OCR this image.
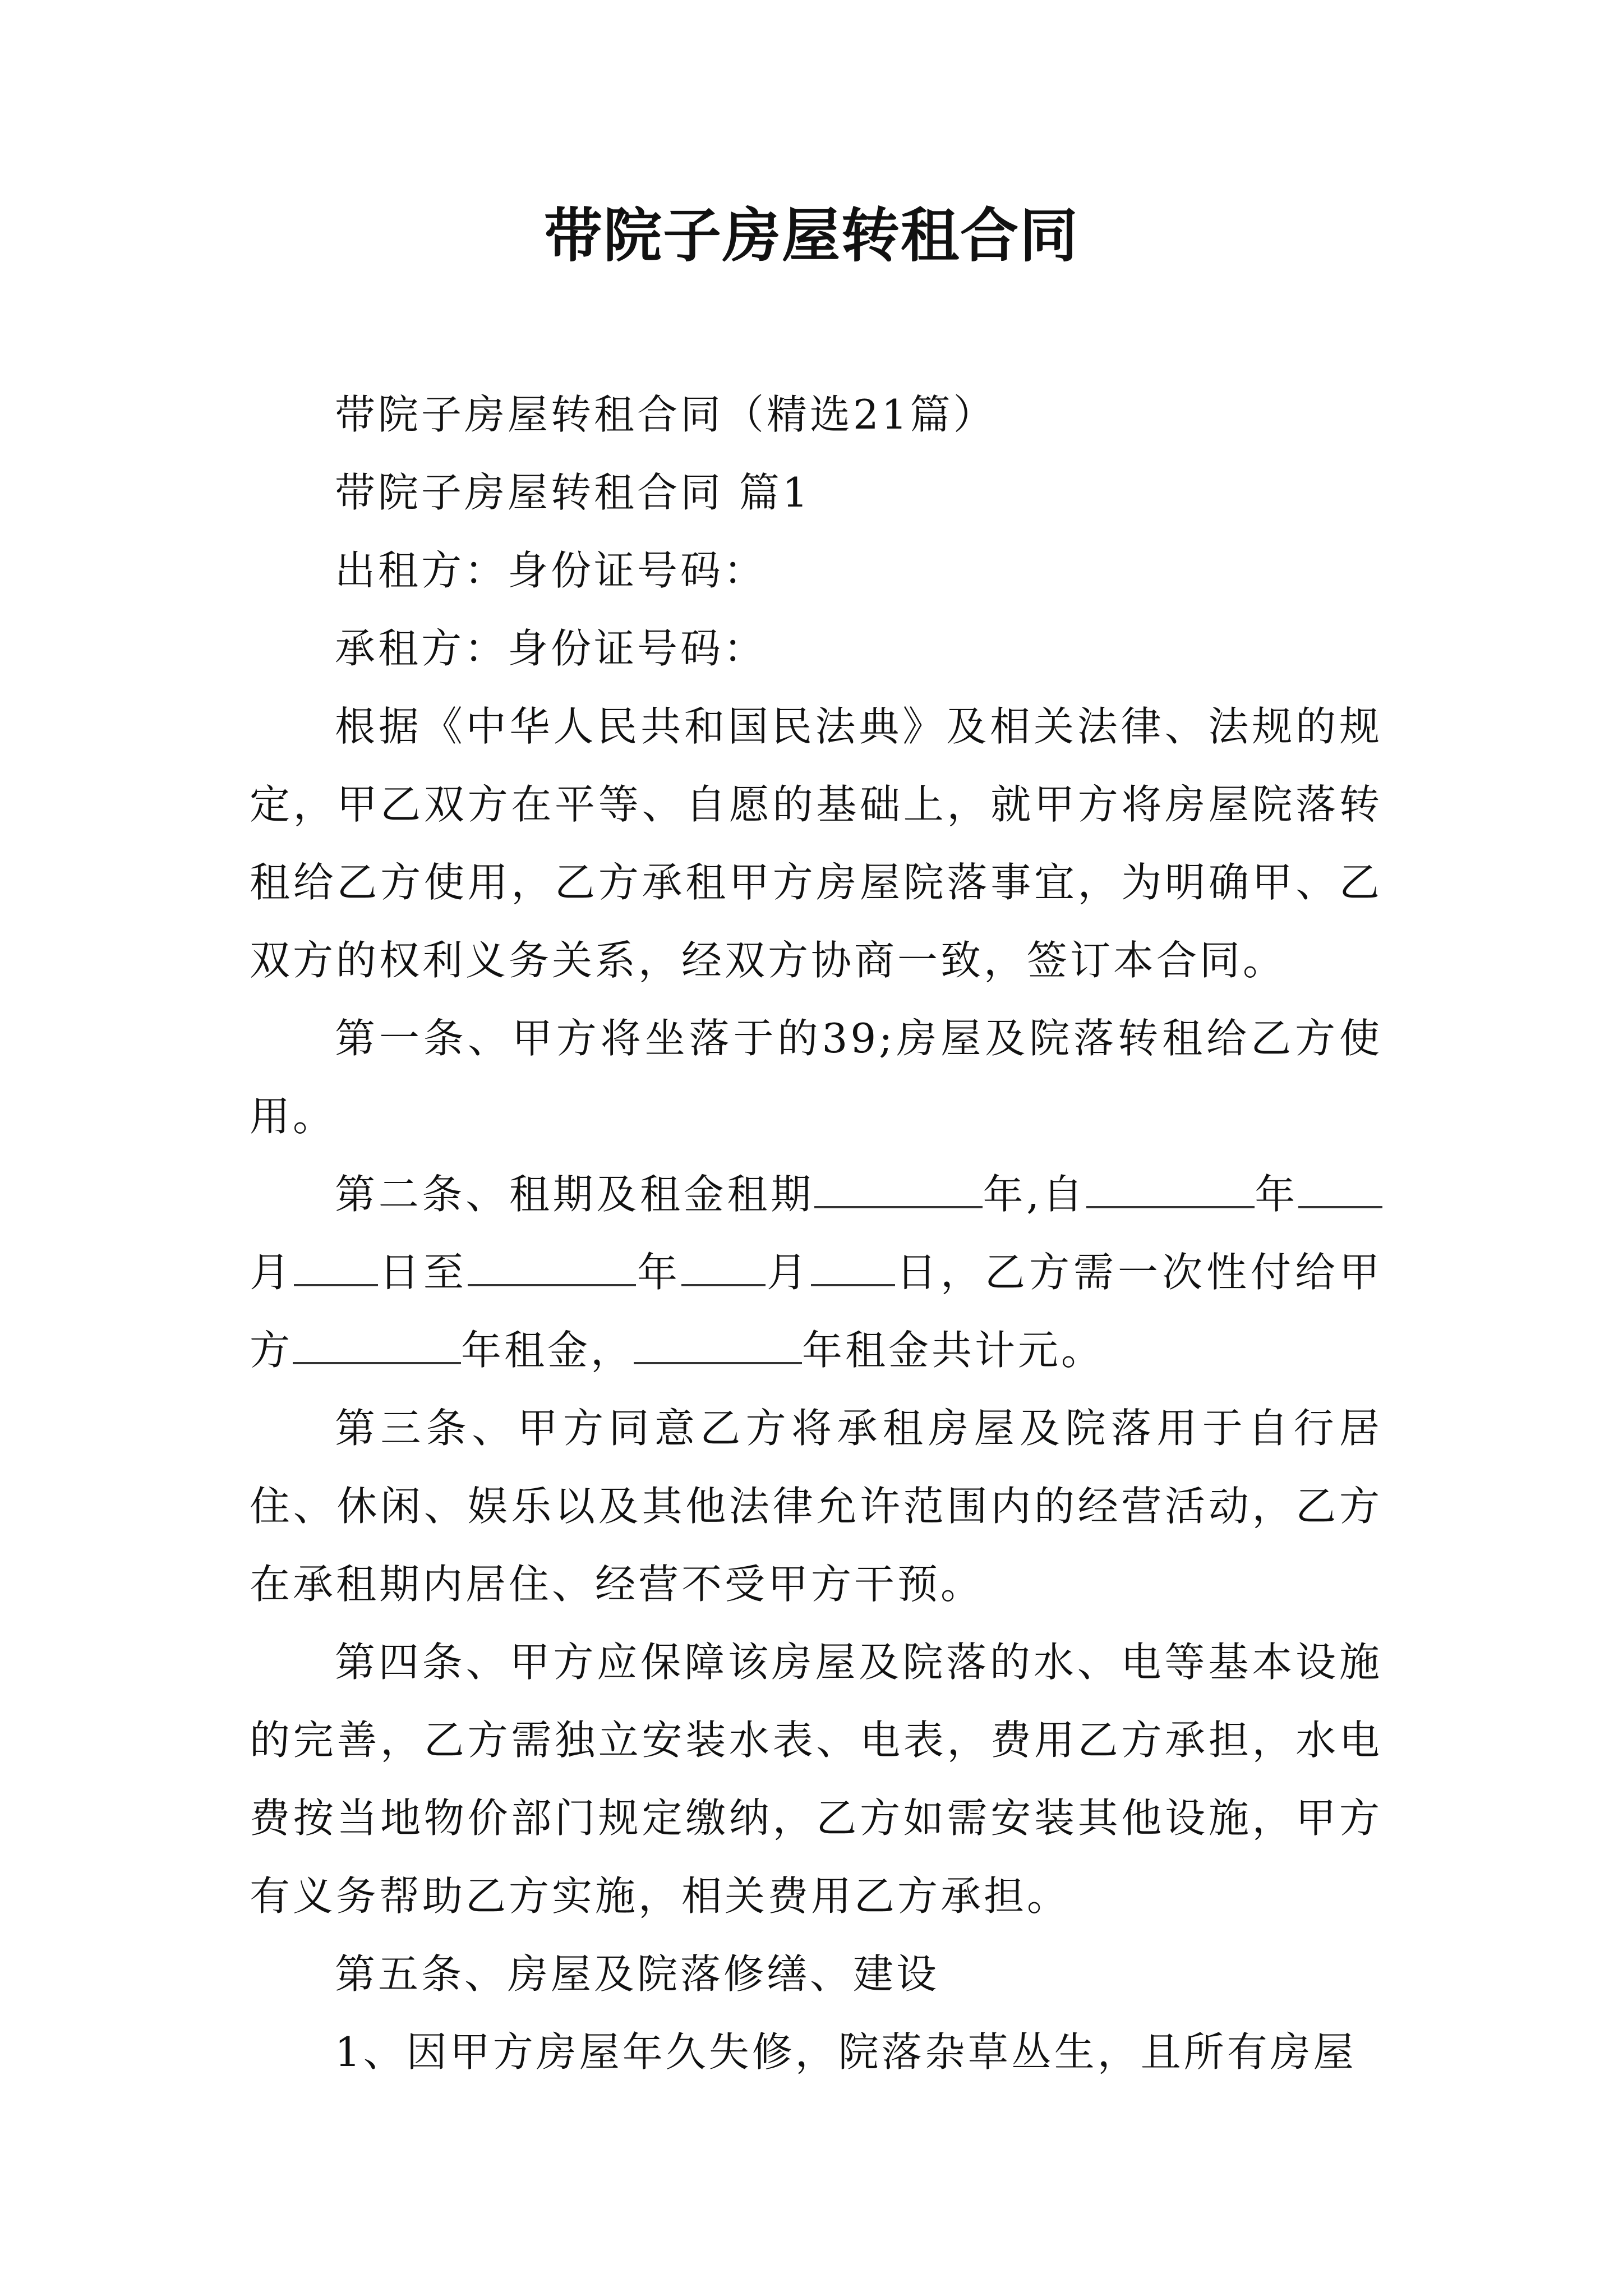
带院子房屋转租合同

带院子房屋转租合同（精选21篇）

带院子房屋转租合同 篇1

出租方：身份证号码：

承租方：身份证号码：

根据《中华人民共和国民法典》及相关法律、法规的规定，甲乙双方在平等、自愿的基础上，就甲方将房屋院落转租给乙方使用，乙方承租甲方房屋院落事宜，为明确甲、乙双方的权利义务关系，经双方协商一致，签订本合同。

第一条、甲方将坐落于的39;房屋及院落转租给乙方使用。

第二条、租期及租金租期	年,自	年月 日至	年 月 日，乙方需一次性付给甲方	年租金，	年租金共计元。

第三条、甲方同意乙方将承租房屋及院落用于自行居住、休闲、娱乐以及其他法律允许范围内的经营活动，乙方在承租期内居住、经营不受甲方干预。

第四条、甲方应保障该房屋及院落的水、电等基本设施的完善，乙方需独立安装水表、电表，费用乙方承担，水电费按当地物价部门规定缴纳，乙方如需安装其他设施，甲方有义务帮助乙方实施，相关费用乙方承担。

第五条、房屋及院落修缮、建设

1、因甲方房屋年久失修，院落杂草丛生，且所有房屋
